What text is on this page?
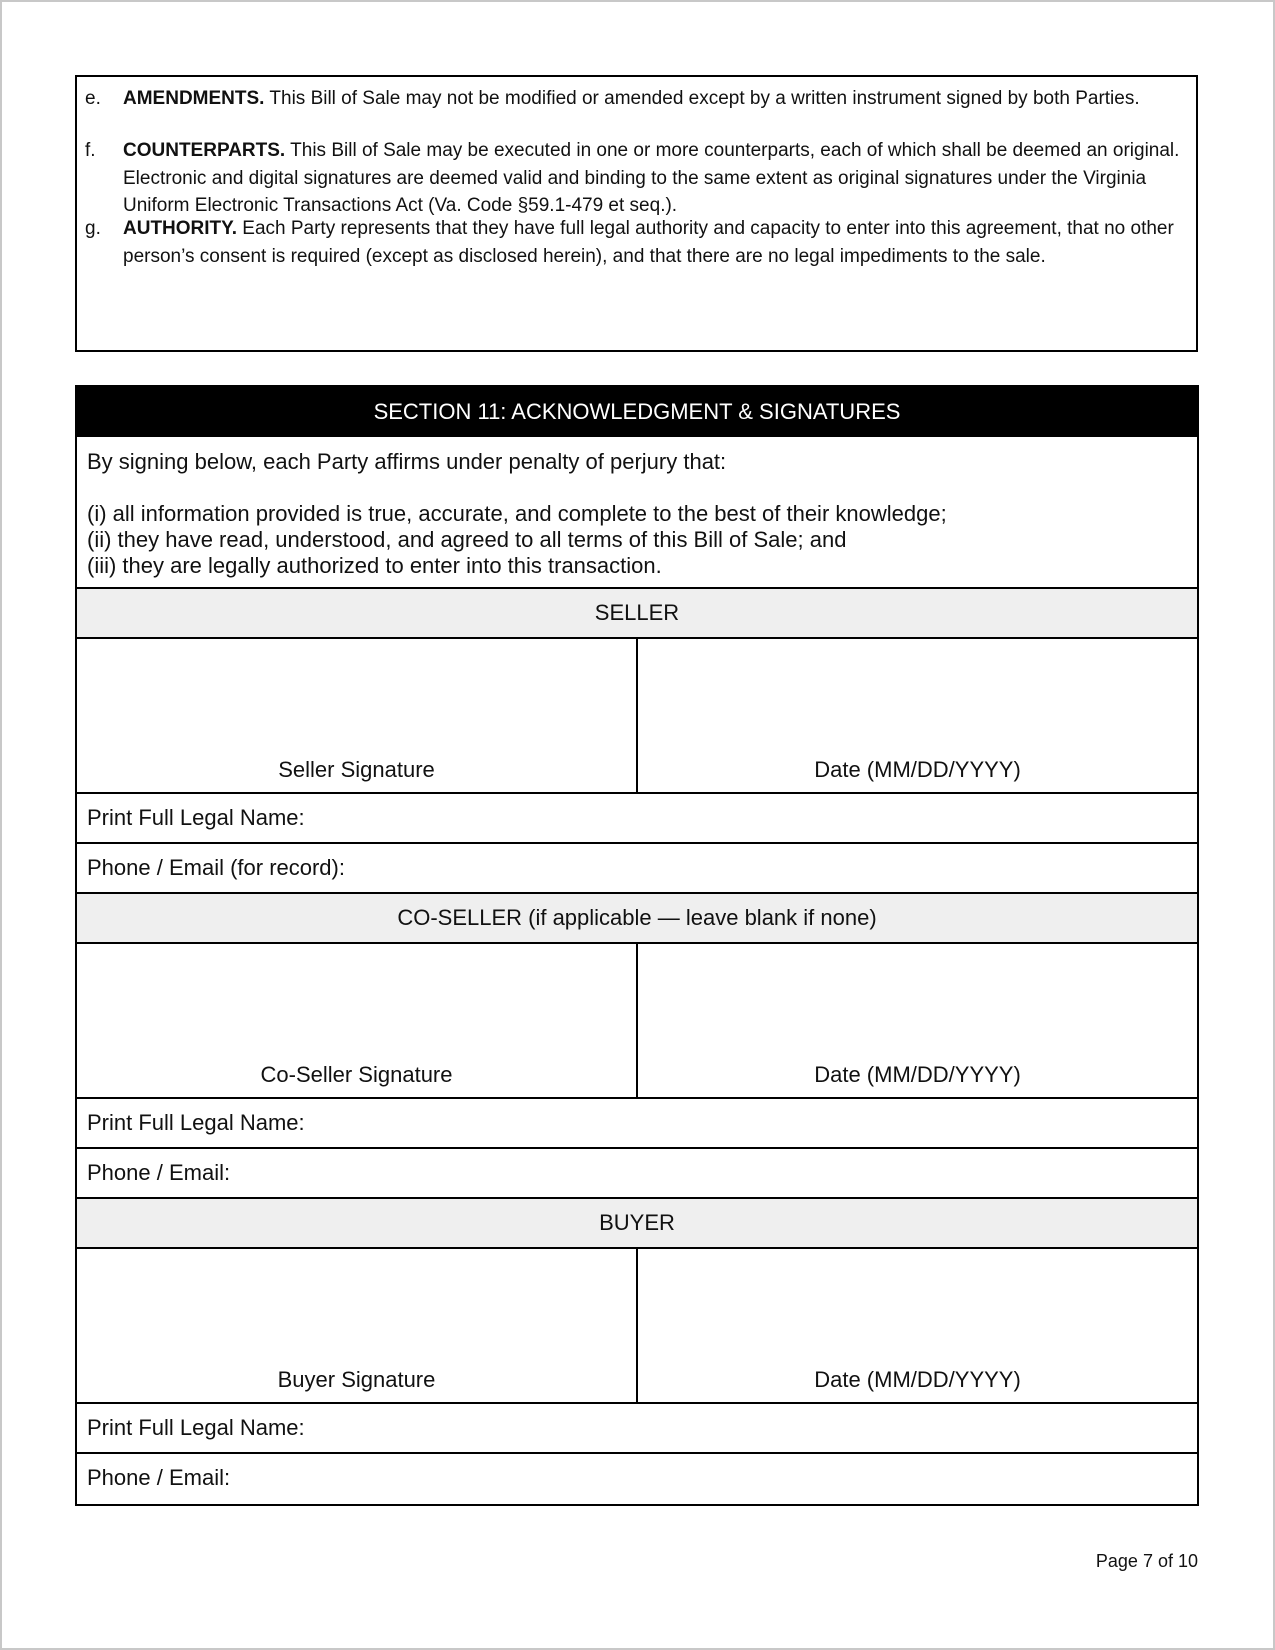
e.	AMENDMENTS. This Bill of Sale may not be modified or amended except by a written instrument signed by both Parties.
f.	COUNTERPARTS. This Bill of Sale may be executed in one or more counterparts, each of which shall be deemed an original. Electronic and digital signatures are deemed valid and binding to the same extent as original signatures under the Virginia Uniform Electronic Transactions Act (Va. Code §59.1-479 et seq.).
g.	AUTHORITY. Each Party represents that they have full legal authority and capacity to enter into this agreement, that no other person’s consent is required (except as disclosed herein), and that there are no legal impediments to the sale.
SECTION 11: ACKNOWLEDGMENT & SIGNATURES
By signing below, each Party affirms under penalty of perjury that:
(i) all information provided is true, accurate, and complete to the best of their knowledge;
(ii) they have read, understood, and agreed to all terms of this Bill of Sale; and
(iii) they are legally authorized to enter into this transaction.
SELLER
Seller Signature	Date (MM/DD/YYYY)
Print Full Legal Name:
Phone / Email (for record):
CO-SELLER (if applicable — leave blank if none)
Co-Seller Signature	Date (MM/DD/YYYY)
Print Full Legal Name:
Phone / Email:
BUYER
Buyer Signature	Date (MM/DD/YYYY)
Print Full Legal Name:
Phone / Email:
Page 7 of 10
